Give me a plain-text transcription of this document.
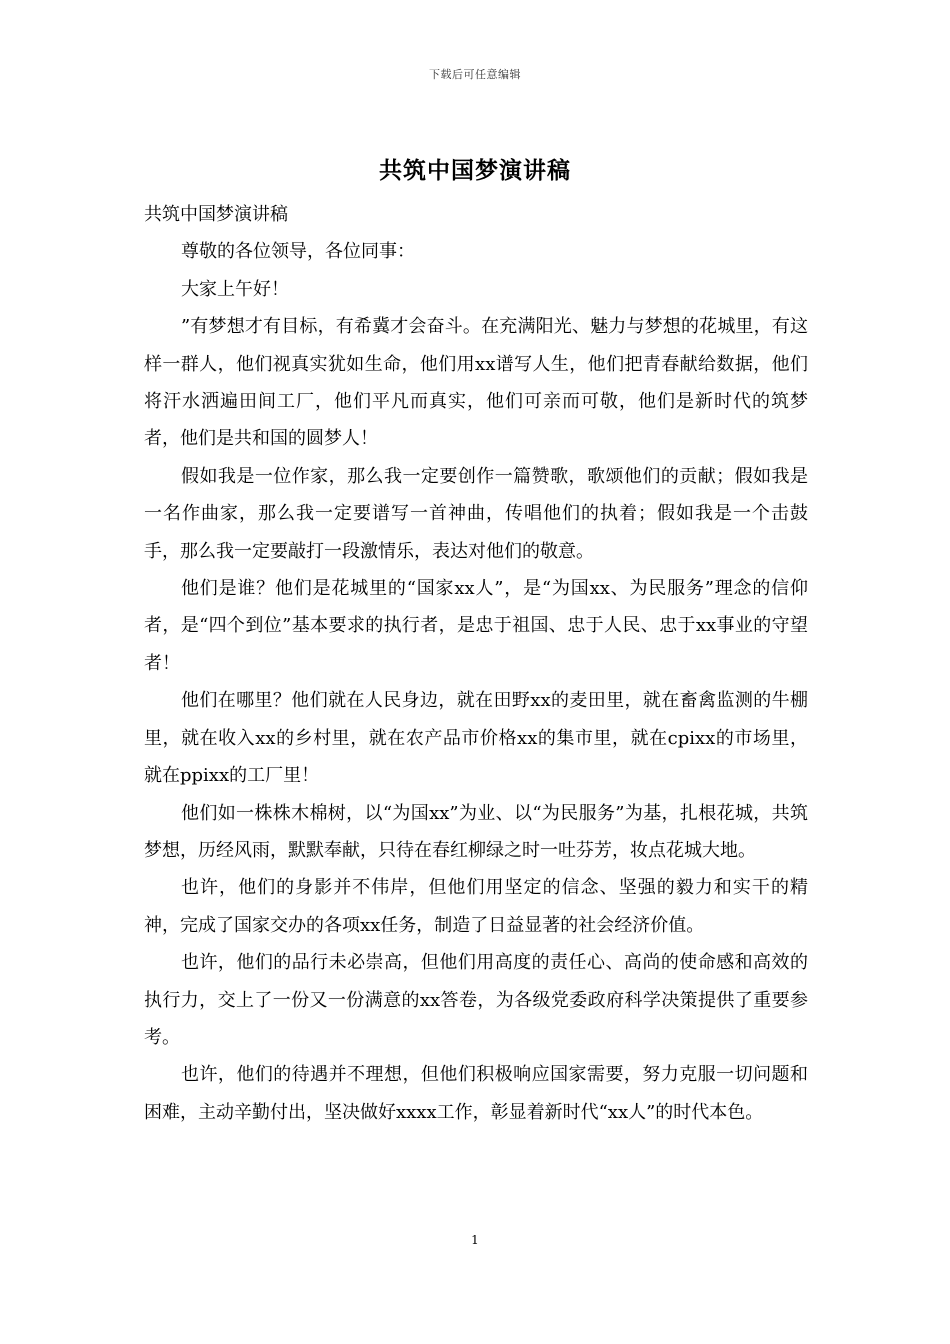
下载后可任意编辑
共筑中国梦演讲稿

共筑中国梦演讲稿

尊敬的各位领导，各位同事：

大家上午好！

”有梦想才有目标，有希冀才会奋斗。在充满阳光、魅力与梦想的花城里，有这样一群人，他们视真实犹如生命，他们用xx谱写人生，他们把青春献给数据，他们将汗水洒遍田间工厂，他们平凡而真实，他们可亲而可敬，他们是新时代的筑梦者，他们是共和国的圆梦人！

假如我是一位作家，那么我一定要创作一篇赞歌，歌颂他们的贡献；假如我是一名作曲家，那么我一定要谱写一首神曲，传唱他们的执着；假如我是一个击鼓手，那么我一定要敲打一段激情乐，表达对他们的敬意。

他们是谁？他们是花城里的“国家xx人”，是“为国xx、为民服务”理念的信仰者，是“四个到位”基本要求的执行者，是忠于祖国、忠于人民、忠于xx事业的守望者！

他们在哪里？他们就在人民身边，就在田野xx的麦田里，就在畜禽监测的牛棚里，就在收入xx的乡村里，就在农产品市价格xx的集市里，就在cpixx的市场里，就在ppixx的工厂里！

他们如一株株木棉树，以“为国xx”为业、以“为民服务”为基，扎根花城，共筑梦想，历经风雨，默默奉献，只待在春红柳绿之时一吐芬芳，妆点花城大地。

也许，他们的身影并不伟岸，但他们用坚定的信念、坚强的毅力和实干的精神，完成了国家交办的各项xx任务，制造了日益显著的社会经济价值。

也许，他们的品行未必崇高，但他们用高度的责任心、高尚的使命感和高效的执行力，交上了一份又一份满意的xx答卷，为各级党委政府科学决策提供了重要参考。

也许，他们的待遇并不理想，但他们积极响应国家需要，努力克服一切问题和困难，主动辛勤付出，坚决做好xxxx工作，彰显着新时代“xx人”的时代本色。

1
